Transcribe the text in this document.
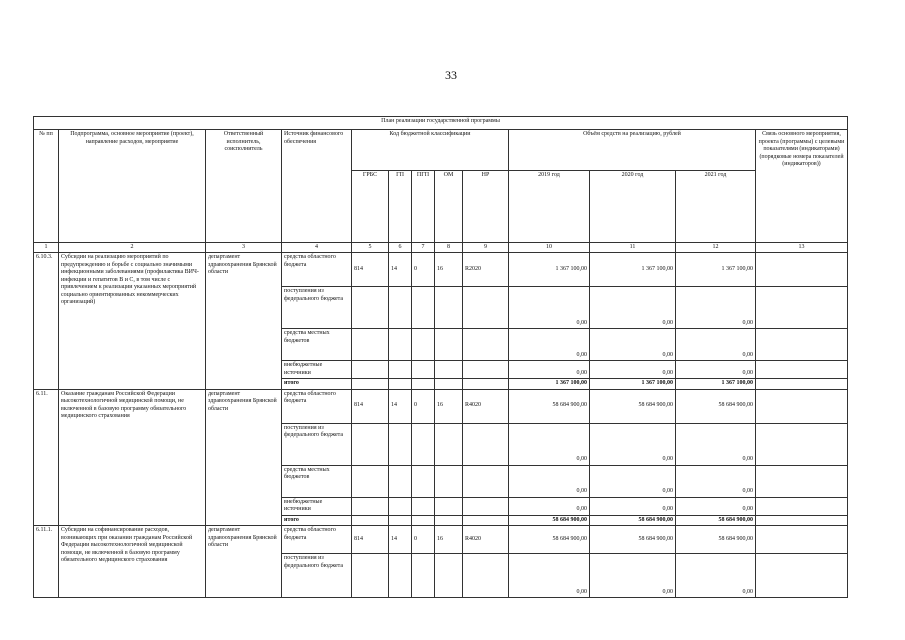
33
План реализации государственной программы												
№ пп	Подпрограмма, основное мероприятие (проект), направление расходов, мероприятие	Ответственный исполнитель, соисполнитель	Источник финансового обеспечения	Код бюджетной классификации					Объём средств на реализацию, рублей			Связь основного мероприятия, проекта (программы) с целевыми показателями (индикаторами) (порядковые номера показателей (индикаторов))
				ГРБС	ГП	ПГП	ОМ	НР	2019 год	2020 год	2021 год	
1	2	3	4	5	6	7	8	9	10	11	12	13
6.10.3.	Субсидии на реализацию мероприятий по предупреждению и борьбе с социально значимыми инфекционными заболеваниями (профилактика ВИЧ-инфекции и гепатитов В и С, в том числе с привлечением к реализации указанных мероприятий социально ориентированных некоммерческих организаций)	департамент здравоохранения Брянской области	средства областного бюджета	814	14	0	16	R2020	1 367 100,00	1 367 100,00	1 367 100,00	
			поступления из федерального бюджета						0,00	0,00	0,00	
			средства местных бюджетов						0,00	0,00	0,00	
			внебюджетные источники						0,00	0,00	0,00	
			итого						1 367 100,00	1 367 100,00	1 367 100,00	
6.11.	Оказание гражданам Российской Федерации высокотехнологичной медицинской помощи, не включенной в базовую программу обязательного медицинского страхования	департамент здравоохранения Брянской области	средства областного бюджета	814	14	0	16	R4020	58 684 900,00	58 684 900,00	58 684 900,00	
			поступления из федерального бюджета						0,00	0,00	0,00	
			средства местных бюджетов						0,00	0,00	0,00	
			внебюджетные источники						0,00	0,00	0,00	
			итого						58 684 900,00	58 684 900,00	58 684 900,00	
6.11.1.	Субсидии на софинансирование расходов, возникающих при оказании гражданам Российской Федерации высокотехнологичной медицинской помощи, не включенной в базовую программу обязательного медицинского страхования	департамент здравоохранения Брянской области	средства областного бюджета	814	14	0	16	R4020	58 684 900,00	58 684 900,00	58 684 900,00	
			поступления из федерального бюджета						0,00	0,00	0,00	
